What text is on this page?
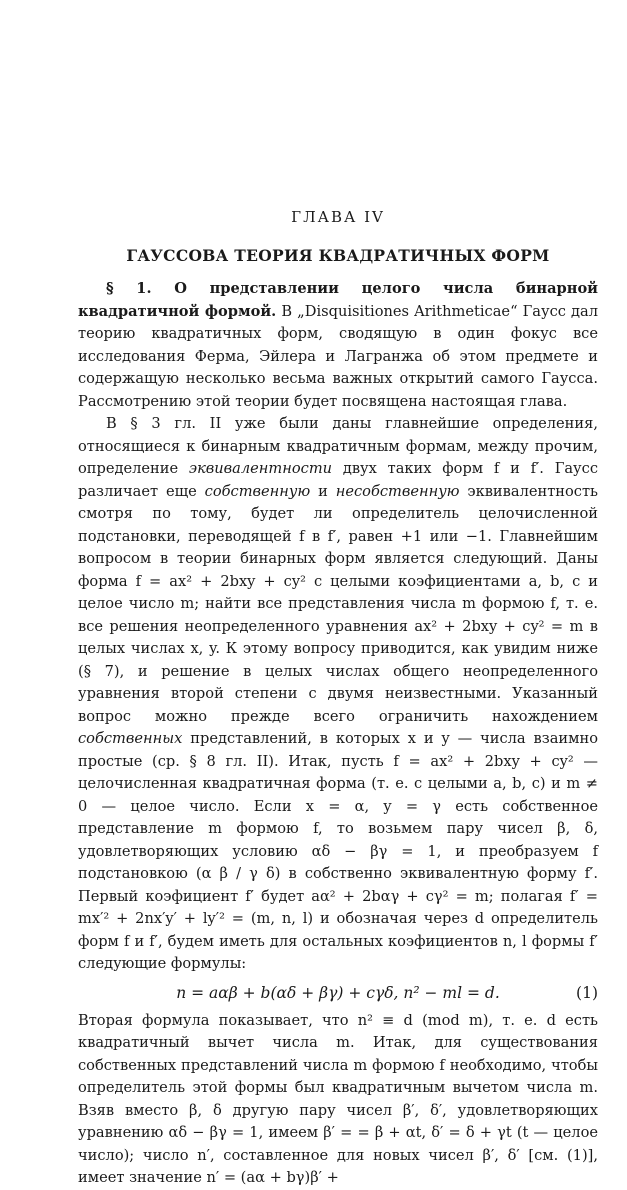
ГЛАВА IV
ГАУССОВА ТЕОРИЯ КВАДРАТИЧНЫХ ФОРМ

§ 1. О представлении целого числа бинарной квадратичной формой. В „Disquisitiones Arithmeticae“ Гаусс дал теорию квадратичных форм, сводящую в один фокус все исследования Ферма, Эйлера и Лагранжа об этом предмете и содержащую несколько весьма важных открытий самого Гаусса. Рассмотрению этой теории будет посвящена настоящая глава.

В § 3 гл. II уже были даны главнейшие определения, относящиеся к бинарным квадратичным формам, между прочим, определение эквивалентности двух таких форм f и f′. Гаусс различает еще собственную и несобственную эквивалентность смотря по тому, будет ли определитель целочисленной подстановки, переводящей f в f′, равен +1 или −1. Главнейшим вопросом в теории бинарных форм является следующий. Даны форма f = ax² + 2bxy + cy² с целыми коэфициентами a, b, c и целое число m; найти все представления числа m формою f, т. е. все решения неопределенного уравнения ax² + 2bxy + cy² = m в целых числах x, y. К этому вопросу приводится, как увидим ниже (§ 7), и решение в целых числах общего неопределенного уравнения второй степени с двумя неизвестными. Указанный вопрос можно прежде всего ограничить нахождением собственных представлений, в которых x и y — числа взаимно простые (ср. § 8 гл. II). Итак, пусть f = ax² + 2bxy + cy² — целочисленная квадратичная форма (т. е. с целыми a, b, c) и m ≠ 0 — целое число. Если x = α, y = γ есть собственное представление m формою f, то возьмем пару чисел β, δ, удовлетворяющих условию αδ − βγ = 1, и преобразуем f подстановкою (α β / γ δ) в собственно эквивалентную форму f′. Первый коэфициент f′ будет aα² + 2bαγ + cγ² = m; полагая f′ = mx′² + 2nx′y′ + ly′² = (m, n, l) и обозначая через d определитель форм f и f′, будем иметь для остальных коэфициентов n, l формы f′ следующие формулы:

n = aαβ + b(αδ + βγ) + cγδ, n² − ml = d.	(1)

Вторая формула показывает, что n² ≡ d (mod m), т. е. d есть квадратичный вычет числа m. Итак, для существования собственных представлений числа m формою f необходимо, чтобы определитель этой формы был квадратичным вычетом числа m. Взяв вместо β, δ другую пару чисел β′, δ′, удовлетворяющих уравнению αδ − βγ = 1, имеем β′ = = β + αt, δ′ = δ + γt (t — целое число); число n′, составленное для новых чисел β′, δ′ [см. (1)], имеет значение n′ = (aα + bγ)β′ +
